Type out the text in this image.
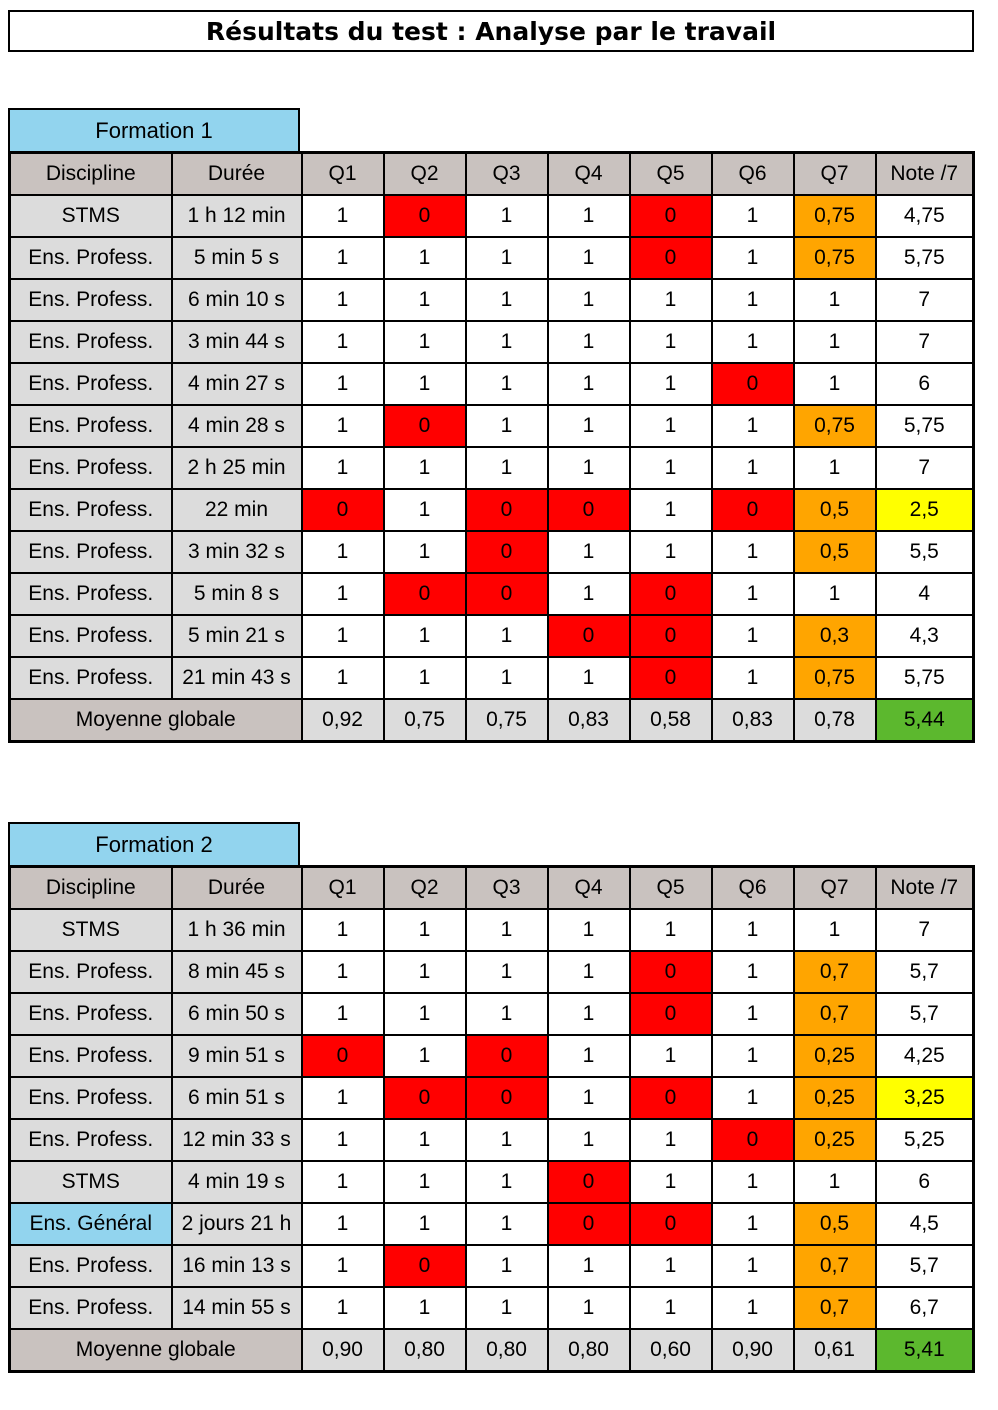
Résultats du test : Analyse par le travail
Formation 1
Discipline	Durée	Q1	Q2	Q3	Q4	Q5	Q6	Q7	Note /7
STMS	1 h 12 min	1	0	1	1	0	1	0,75	4,75
Ens. Profess.	5 min 5 s	1	1	1	1	0	1	0,75	5,75
Ens. Profess.	6 min 10 s	1	1	1	1	1	1	1	7
Ens. Profess.	3 min 44 s	1	1	1	1	1	1	1	7
Ens. Profess.	4 min 27 s	1	1	1	1	1	0	1	6
Ens. Profess.	4 min 28 s	1	0	1	1	1	1	0,75	5,75
Ens. Profess.	2 h 25 min	1	1	1	1	1	1	1	7
Ens. Profess.	22 min	0	1	0	0	1	0	0,5	2,5
Ens. Profess.	3 min 32 s	1	1	0	1	1	1	0,5	5,5
Ens. Profess.	5 min 8 s	1	0	0	1	0	1	1	4
Ens. Profess.	5 min 21 s	1	1	1	0	0	1	0,3	4,3
Ens. Profess.	21 min 43 s	1	1	1	1	0	1	0,75	5,75
Moyenne globale		0,92	0,75	0,75	0,83	0,58	0,83	0,78	5,44
Formation 2
Discipline	Durée	Q1	Q2	Q3	Q4	Q5	Q6	Q7	Note /7
STMS	1 h 36 min	1	1	1	1	1	1	1	7
Ens. Profess.	8 min 45 s	1	1	1	1	0	1	0,7	5,7
Ens. Profess.	6 min 50 s	1	1	1	1	0	1	0,7	5,7
Ens. Profess.	9 min 51 s	0	1	0	1	1	1	0,25	4,25
Ens. Profess.	6 min 51 s	1	0	0	1	0	1	0,25	3,25
Ens. Profess.	12 min 33 s	1	1	1	1	1	0	0,25	5,25
STMS	4 min 19 s	1	1	1	0	1	1	1	6
Ens. Général	2 jours 21 h	1	1	1	0	0	1	0,5	4,5
Ens. Profess.	16 min 13 s	1	0	1	1	1	1	0,7	5,7
Ens. Profess.	14 min 55 s	1	1	1	1	1	1	0,7	6,7
Moyenne globale		0,90	0,80	0,80	0,80	0,60	0,90	0,61	5,41
